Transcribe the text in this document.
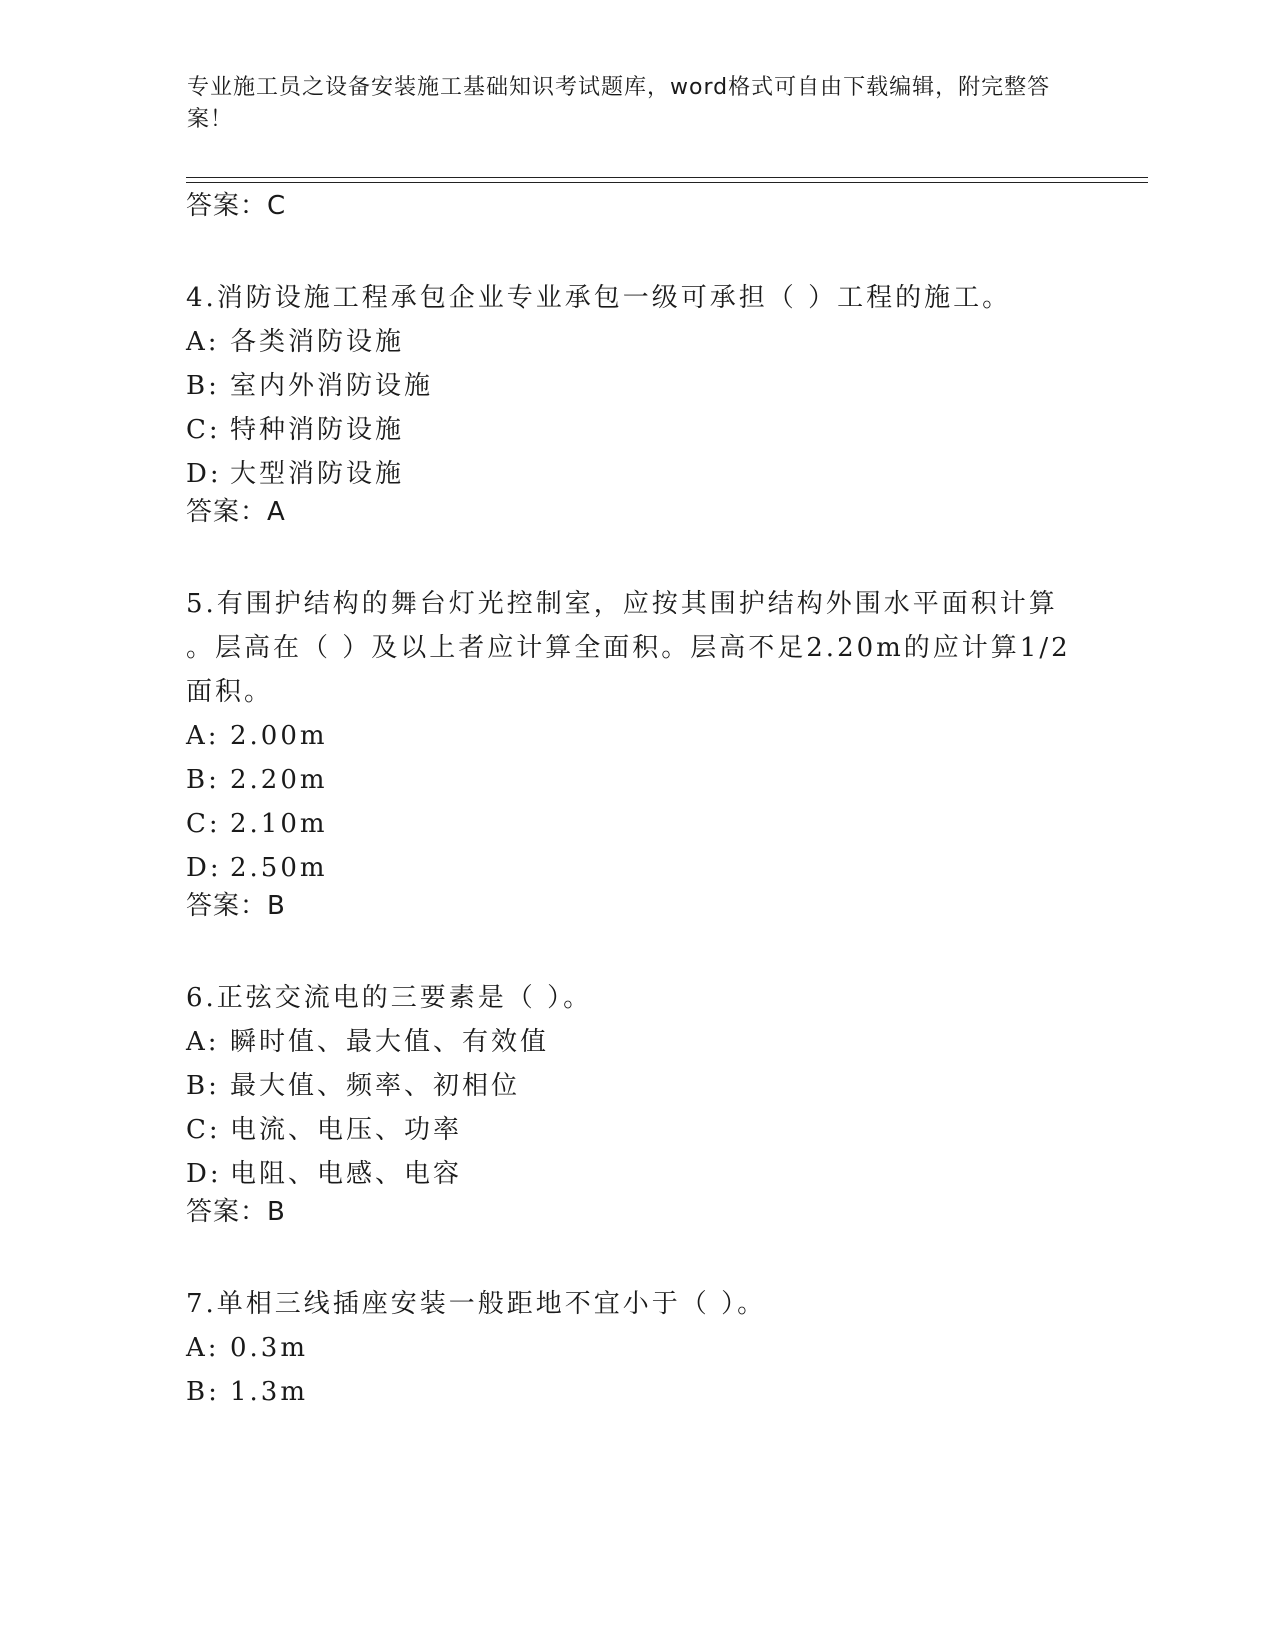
专业施工员之设备安装施工基础知识考试题库，word格式可自由下载编辑，附完整答案！
答案：C
4.消防设施工程承包企业专业承包一级可承担（ ）工程的施工。
A: 各类消防设施
B: 室内外消防设施
C: 特种消防设施
D: 大型消防设施
答案：A
5.有围护结构的舞台灯光控制室，应按其围护结构外围水平面积计算
。层高在（ ）及以上者应计算全面积。层高不足2.20m的应计算1/2
面积。
A: 2.00m
B: 2.20m
C: 2.10m
D: 2.50m
答案：B
6.正弦交流电的三要素是（ ）。
A: 瞬时值、最大值、有效值
B: 最大值、频率、初相位
C: 电流、电压、功率
D: 电阻、电感、电容
答案：B
7.单相三线插座安装一般距地不宜小于（ ）。
A: 0.3m
B: 1.3m
